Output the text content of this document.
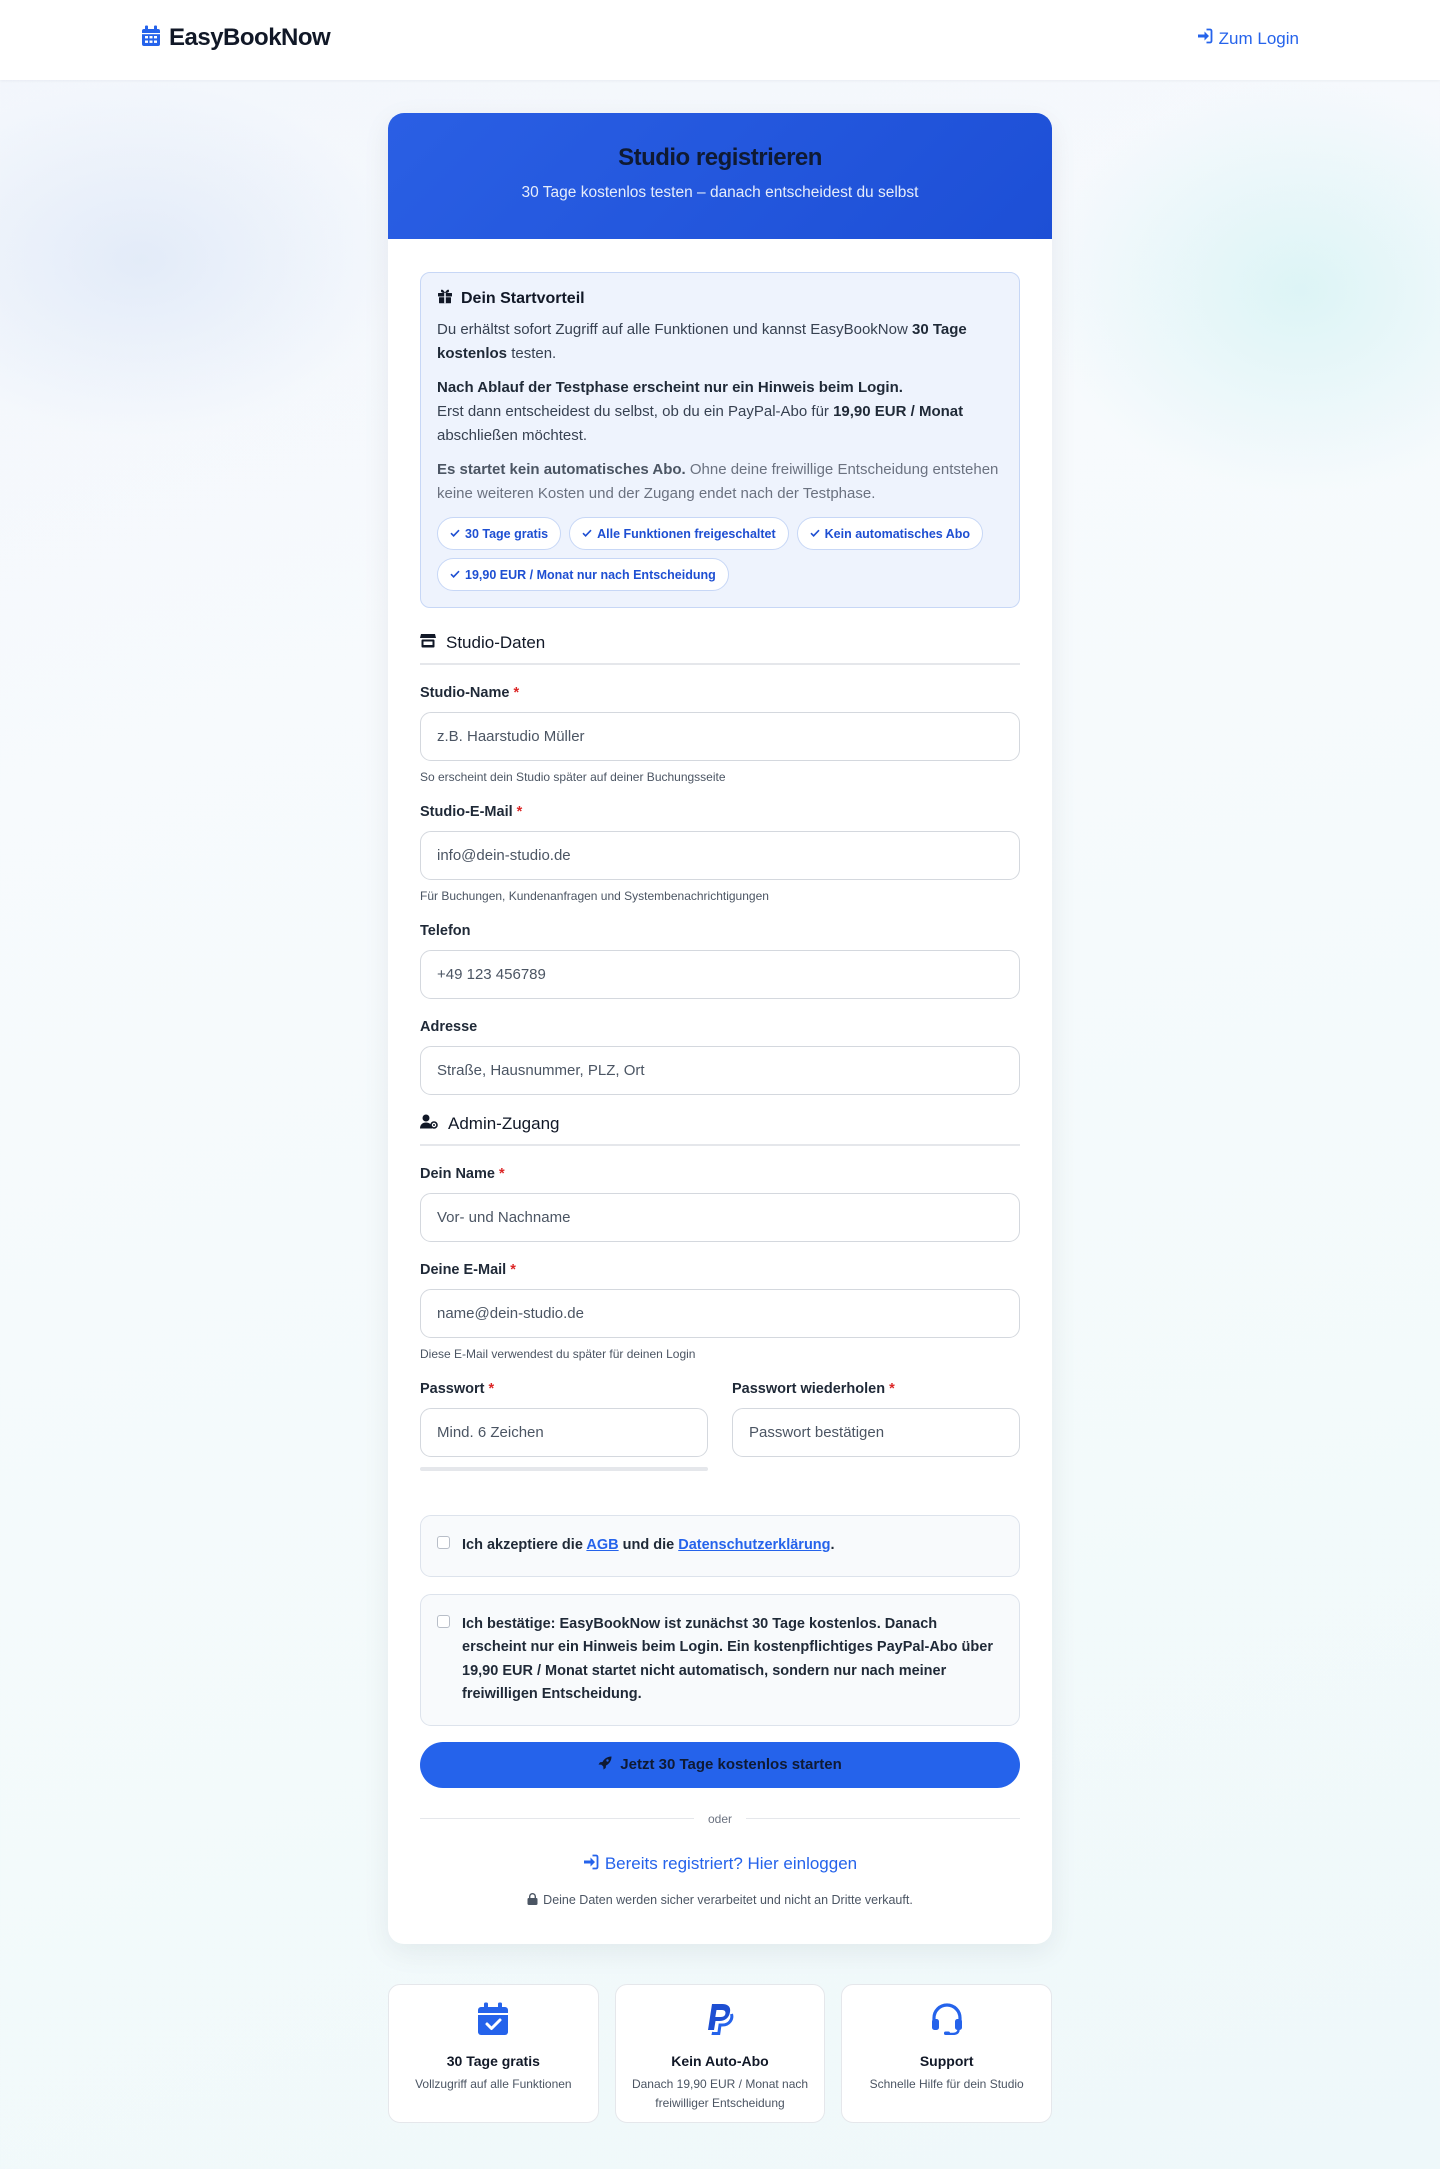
EasyBookNow	Zum Login
Studio registrieren

30 Tage kostenlos testen – danach entscheidest du selbst

Dein Startvorteil

Du erhältst sofort Zugriff auf alle Funktionen und kannst EasyBookNow 30 Tage kostenlos testen.

Nach Ablauf der Testphase erscheint nur ein Hinweis beim Login.
Erst dann entscheidest du selbst, ob du ein PayPal-Abo für 19,90 EUR / Monat abschließen möchtest.

Es startet kein automatisches Abo. Ohne deine freiwillige Entscheidung entstehen keine weiteren Kosten und der Zugang endet nach der Testphase.

30 Tage gratis	Alle Funktionen freigeschaltet	Kein automatisches Abo
19,90 EUR / Monat nur nach Entscheidung
Studio-Daten
Studio-Name *
z.B. Haarstudio Müller
So erscheint dein Studio später auf deiner Buchungsseite
Studio-E-Mail *
info@dein-studio.de
Für Buchungen, Kundenanfragen und Systembenachrichtigungen
Telefon
+49 123 456789
Adresse
Straße, Hausnummer, PLZ, Ort
Admin-Zugang
Dein Name *
Vor- und Nachname
Deine E-Mail *
name@dein-studio.de
Diese E-Mail verwendest du später für deinen Login
Passwort *	Passwort wiederholen *
Ich akzeptiere die AGB und die Datenschutzerklärung.
Ich bestätige: EasyBookNow ist zunächst 30 Tage kostenlos. Danach erscheint nur ein Hinweis beim Login. Ein kostenpflichtiges PayPal-Abo über 19,90 EUR / Monat startet nicht automatisch, sondern nur nach meiner freiwilligen Entscheidung.
Jetzt 30 Tage kostenlos starten
oder
Bereits registriert? Hier einloggen
Deine Daten werden sicher verarbeitet und nicht an Dritte verkauft.
30 Tage gratis
Vollzugriff auf alle Funktionen
Kein Auto-Abo
Danach 19,90 EUR / Monat nach freiwilliger Entscheidung
Support
Schnelle Hilfe für dein Studio
